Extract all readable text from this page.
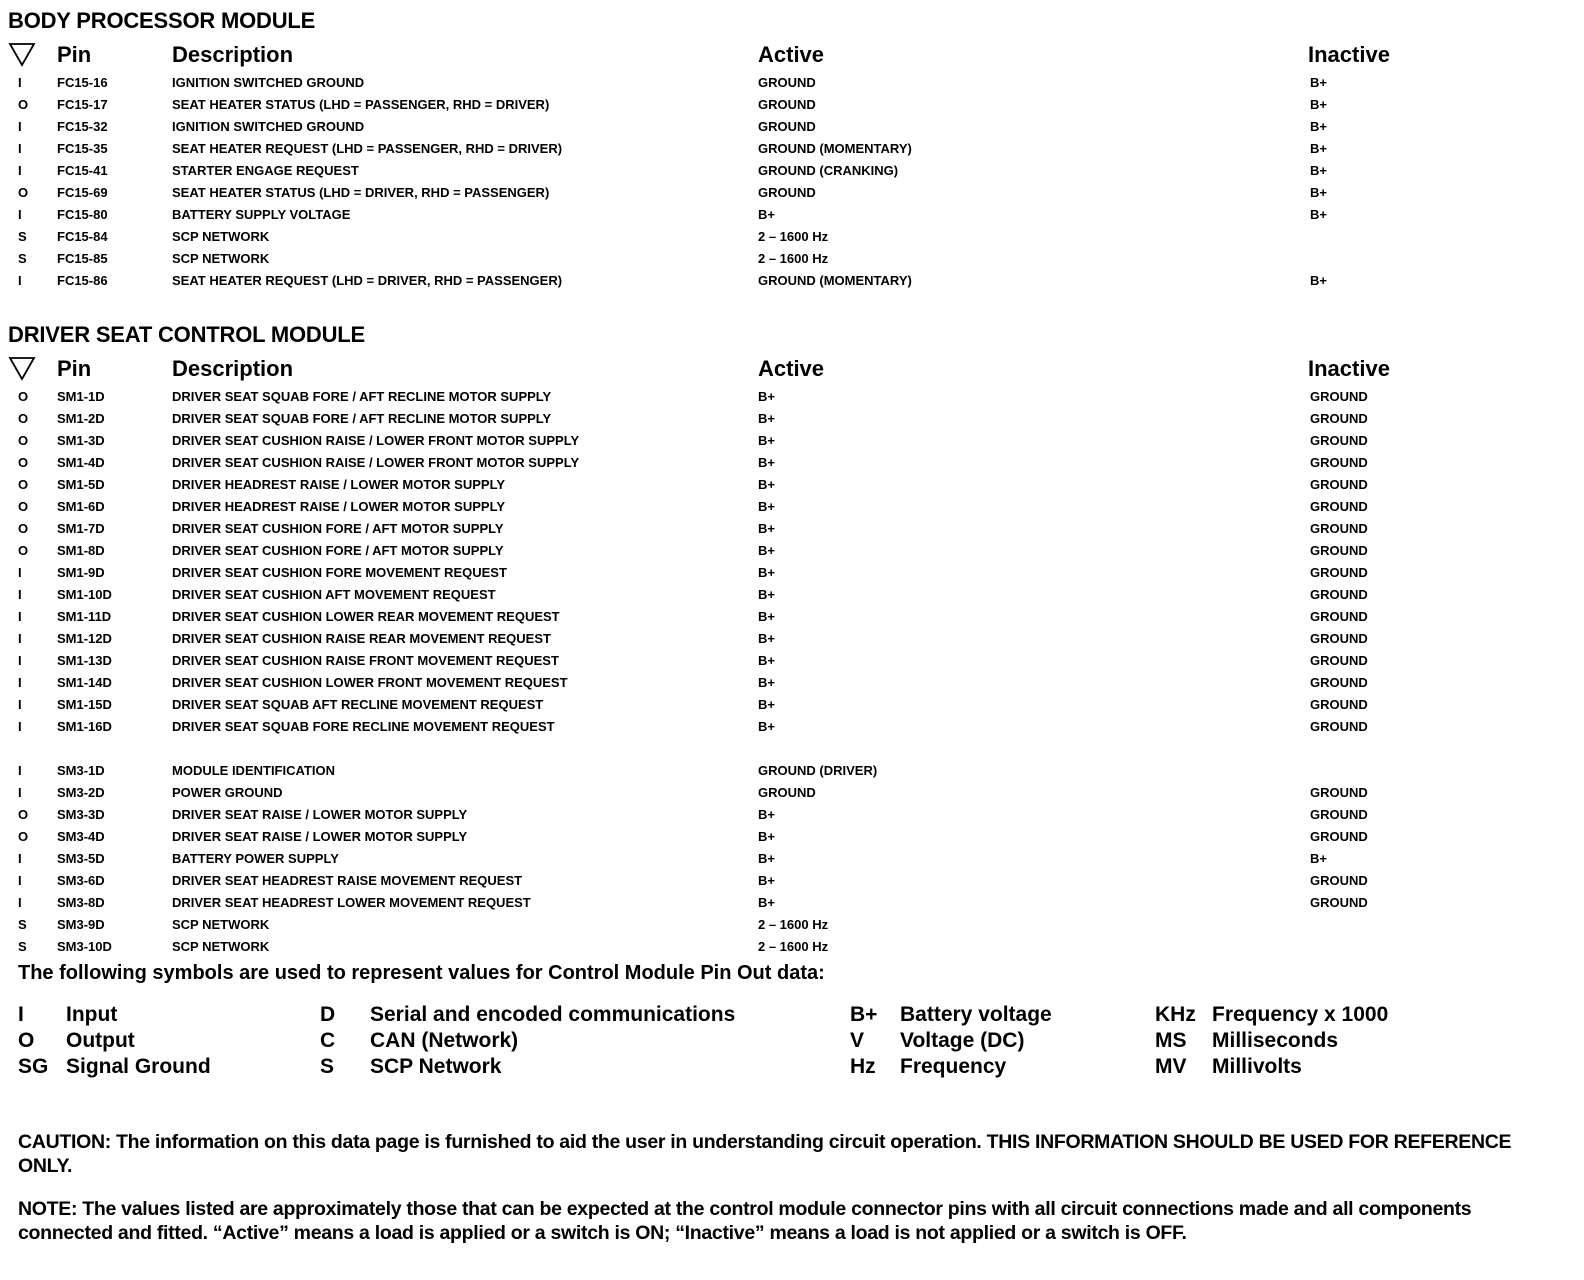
BODY PROCESSOR MODULE
Pin	Description	Active	Inactive
I	FC15-16	IGNITION SWITCHED GROUND	GROUND	B+
O FC15-17	SEAT HEATER STATUS (LHD = PASSENGER, RHD = DRIVER)	GROUND	B+
I	FC15-32	IGNITION SWITCHED GROUND	GROUND	B+
I	FC15-35	SEAT HEATER REQUEST (LHD = PASSENGER, RHD = DRIVER)	GROUND (MOMENTARY)	B+
I	FC15-41	STARTER ENGAGE REQUEST	GROUND (CRANKING)	B+
O FC15-69	SEAT HEATER STATUS (LHD = DRIVER, RHD = PASSENGER)	GROUND	B+
I	FC15-80	BATTERY SUPPLY VOLTAGE	B+	B+
S FC15-84	SCP NETWORK	2 – 1600 Hz
S FC15-85	SCP NETWORK	2 – 1600 Hz
I	FC15-86	SEAT HEATER REQUEST (LHD = DRIVER, RHD = PASSENGER)	GROUND (MOMENTARY)	B+
DRIVER SEAT CONTROL MODULE
Pin	Description	Active	Inactive
O SM1-1D	DRIVER SEAT SQUAB FORE / AFT RECLINE MOTOR SUPPLY	B+	GROUND
O SM1-2D	DRIVER SEAT SQUAB FORE / AFT RECLINE MOTOR SUPPLY	B+	GROUND
O SM1-3D	DRIVER SEAT CUSHION RAISE / LOWER FRONT MOTOR SUPPLY	B+	GROUND
O SM1-4D	DRIVER SEAT CUSHION RAISE / LOWER FRONT MOTOR SUPPLY	B+	GROUND
O SM1-5D	DRIVER HEADREST RAISE / LOWER MOTOR SUPPLY	B+	GROUND
O SM1-6D	DRIVER HEADREST RAISE / LOWER MOTOR SUPPLY	B+	GROUND
O SM1-7D	DRIVER SEAT CUSHION FORE / AFT MOTOR SUPPLY	B+	GROUND
O SM1-8D	DRIVER SEAT CUSHION FORE / AFT MOTOR SUPPLY	B+	GROUND
I	SM1-9D	DRIVER SEAT CUSHION FORE MOVEMENT REQUEST	B+	GROUND
I	SM1-10D	DRIVER SEAT CUSHION AFT MOVEMENT REQUEST	B+	GROUND
I	SM1-11D	DRIVER SEAT CUSHION LOWER REAR MOVEMENT REQUEST	B+	GROUND
I	SM1-12D	DRIVER SEAT CUSHION RAISE REAR MOVEMENT REQUEST	B+	GROUND
I	SM1-13D	DRIVER SEAT CUSHION RAISE FRONT MOVEMENT REQUEST	B+	GROUND
I	SM1-14D	DRIVER SEAT CUSHION LOWER FRONT MOVEMENT REQUEST	B+	GROUND
I	SM1-15D	DRIVER SEAT SQUAB AFT RECLINE MOVEMENT REQUEST	B+	GROUND
I	SM1-16D	DRIVER SEAT SQUAB FORE RECLINE MOVEMENT REQUEST	B+	GROUND
I	SM3-1D	MODULE IDENTIFICATION	GROUND (DRIVER)
I	SM3-2D	POWER GROUND	GROUND	GROUND
O SM3-3D	DRIVER SEAT RAISE / LOWER MOTOR SUPPLY	B+	GROUND
O SM3-4D	DRIVER SEAT RAISE / LOWER MOTOR SUPPLY	B+	GROUND
I	SM3-5D	BATTERY POWER SUPPLY	B+	B+
I	SM3-6D	DRIVER SEAT HEADREST RAISE MOVEMENT REQUEST	B+	GROUND
I	SM3-8D	DRIVER SEAT HEADREST LOWER MOVEMENT REQUEST	B+	GROUND
S SM3-9D	SCP NETWORK	2 – 1600 Hz
S SM3-10D	SCP NETWORK	2 – 1600 Hz
The following symbols are used to represent values for Control Module Pin Out data:
I Input
O Output
SG Signal Ground
D Serial and encoded communications
C CAN (Network)
S SCP Network
B+ Battery voltage
V Voltage (DC)
Hz Frequency
KHz Frequency x 1000
MS Milliseconds
MV Millivolts
CAUTION: The information on this data page is furnished to aid the user in understanding circuit operation. THIS INFORMATION SHOULD BE USED FOR REFERENCE ONLY.
NOTE: The values listed are approximately those that can be expected at the control module connector pins with all circuit connections made and all components connected and fitted. “Active” means a load is applied or a switch is ON; “Inactive” means a load is not applied or a switch is OFF.
